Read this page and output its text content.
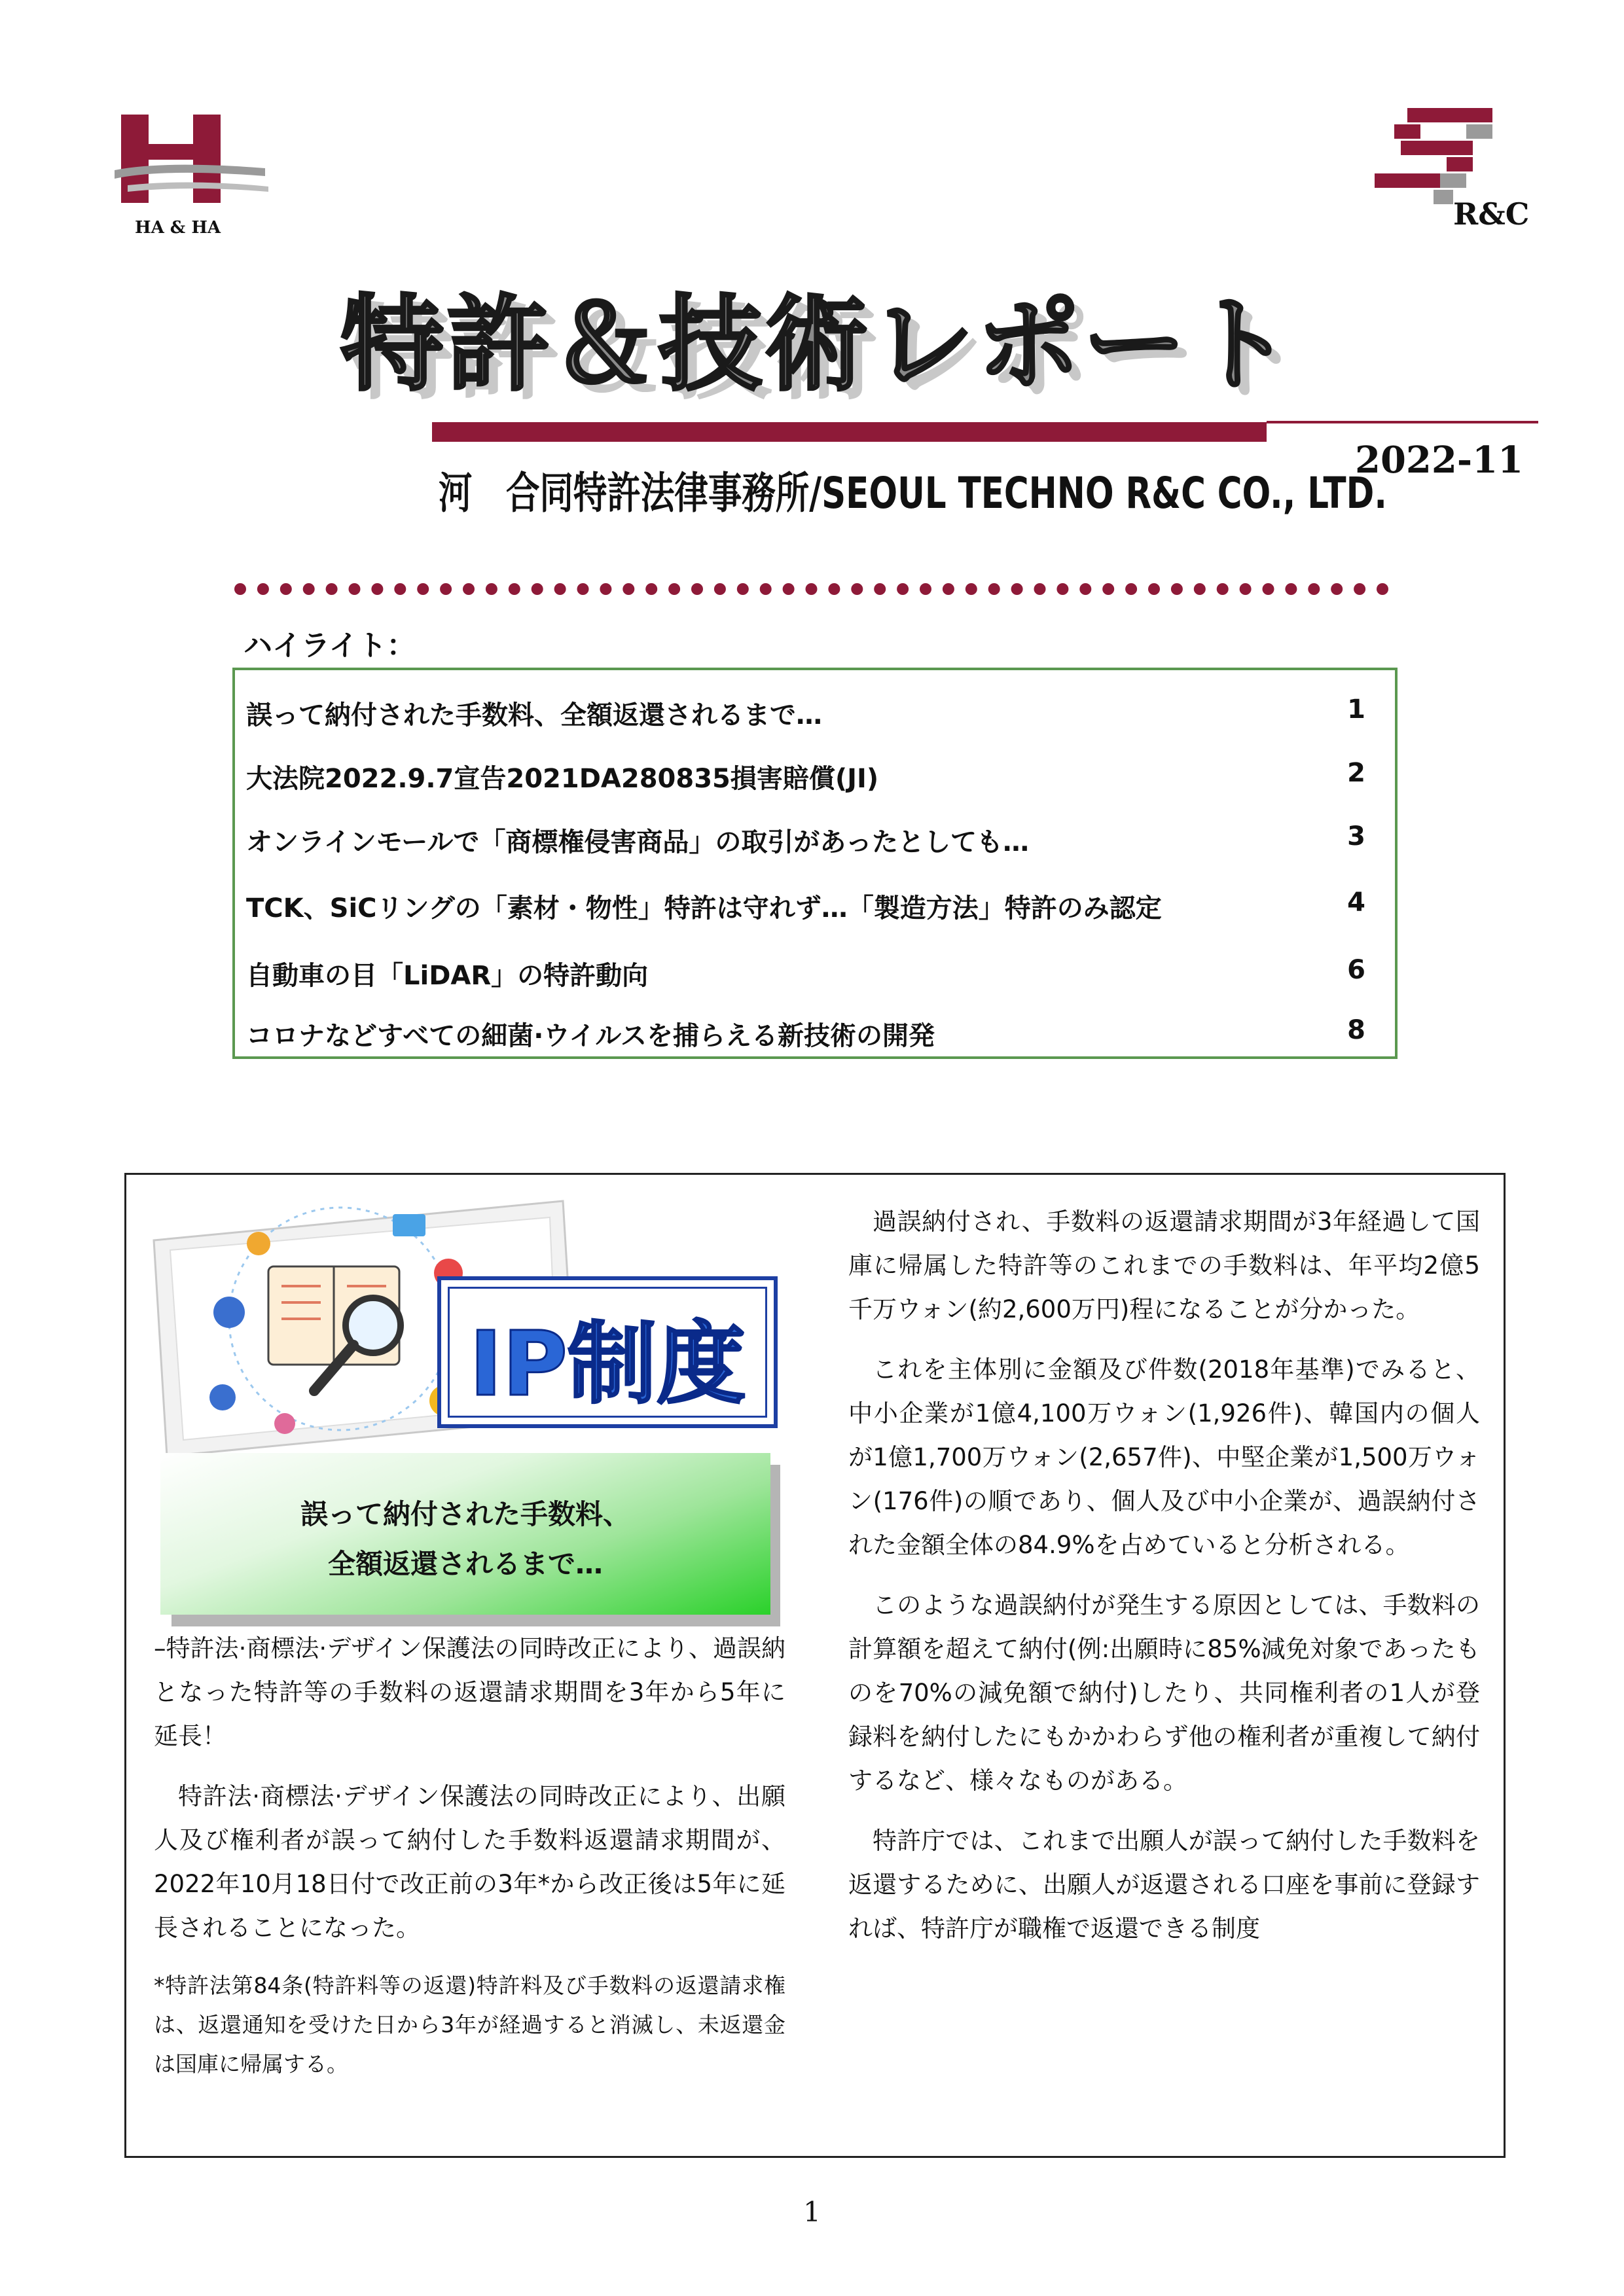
HA & HA	R&C
特許＆技術レポート
2022-11
河　合同特許法律事務所/SEOUL TECHNO R&C CO., LTD.
ハイライト：
誤って納付された手数料、全額返還されるまで…	1
大法院2022.9.7宣告2021DA280835損害賠償(JI)	2
オンラインモールで「商標権侵害商品」の取引があったとしても…	3
TCK、SiCリングの「素材・物性」特許は守れず…「製造方法」特許のみ認定	4
自動車の目「LiDAR」の特許動向	6
コロナなどすべての細菌·ウイルスを捕らえる新技術の開発	8
IP制度
誤って納付された手数料、
全額返還されるまで…

–特許法·商標法·デザイン保護法の同時改正により、過誤納となった特許等の手数料の返還請求期間を3年から5年に延長！

特許法·商標法·デザイン保護法の同時改正により、出願人及び権利者が誤って納付した手数料返還請求期間が、2022年10月18日付で改正前の3年*から改正後は5年に延長されることになった。

*特許法第84条(特許料等の返還)特許料及び手数料の返還請求権は、返還通知を受けた日から3年が経過すると消滅し、未返還金は国庫に帰属する。

過誤納付され、手数料の返還請求期間が3年経過して国庫に帰属した特許等のこれまでの手数料は、年平均2億5千万ウォン(約2,600万円)程になることが分かった。

これを主体別に金額及び件数(2018年基準)でみると、中小企業が1億4,100万ウォン(1,926件)、韓国内の個人が1億1,700万ウォン(2,657件)、中堅企業が1,500万ウォン(176件)の順であり、個人及び中小企業が、過誤納付された金額全体の84.9%を占めていると分析される。

このような過誤納付が発生する原因としては、手数料の計算額を超えて納付(例:出願時に85%減免対象であったものを70%の減免額で納付)したり、共同権利者の1人が登録料を納付したにもかかわらず他の権利者が重複して納付するなど、様々なものがある。

特許庁では、これまで出願人が誤って納付した手数料を返還するために、出願人が返還される口座を事前に登録すれば、特許庁が職権で返還できる制度

1
